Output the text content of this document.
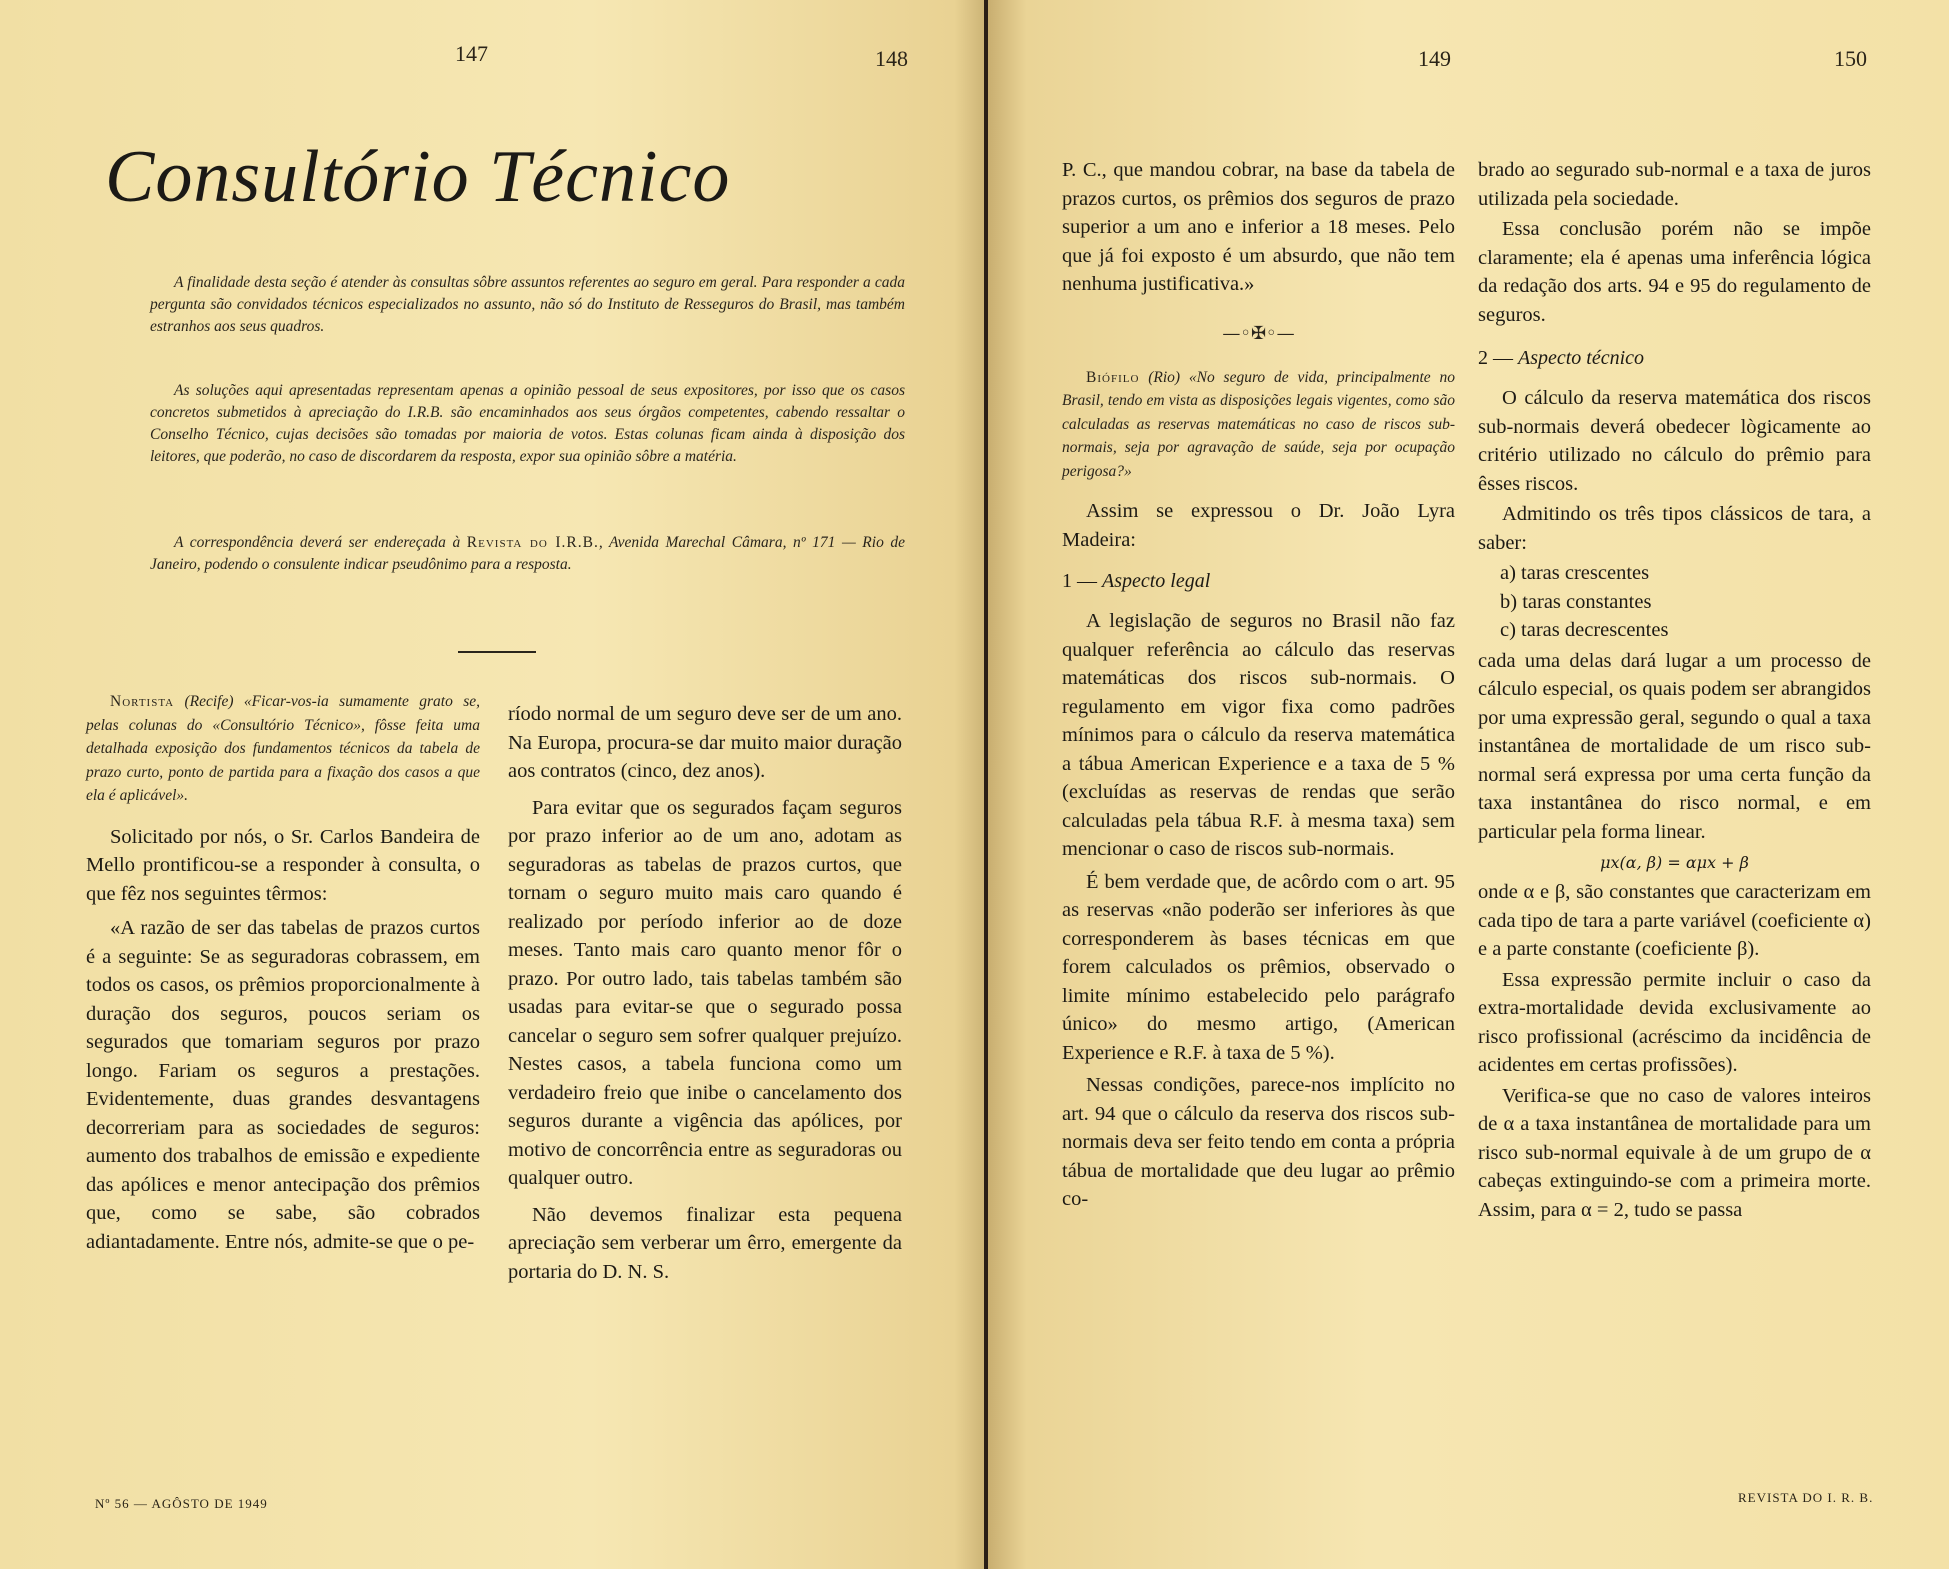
147	148
Consultório Técnico

A finalidade desta seção é atender às consultas sôbre assuntos referentes ao seguro em geral. Para responder a cada pergunta são convidados técnicos especializados no assunto, não só do Instituto de Resseguros do Brasil, mas também estranhos aos seus quadros.

As soluções aqui apresentadas representam apenas a opinião pessoal de seus expositores, por isso que os casos concretos submetidos à apreciação do I.R.B. são encaminhados aos seus órgãos competentes, cabendo ressaltar o Conselho Técnico, cujas decisões são tomadas por maioria de votos. Estas colunas ficam ainda à disposição dos leitores, que poderão, no caso de discordarem da resposta, expor sua opinião sôbre a matéria.

A correspondência deverá ser endereçada à Revista do I.R.B., Avenida Marechal Câmara, nº 171 — Rio de Janeiro, podendo o consulente indicar pseudônimo para a resposta.

Nortista (Recife) «Ficar-vos-ia sumamente grato se, pelas colunas do «Consultório Técnico», fôsse feita uma detalhada exposição dos fundamentos técnicos da tabela de prazo curto, ponto de partida para a fixação dos casos a que ela é aplicável».

Solicitado por nós, o Sr. Carlos Bandeira de Mello prontificou-se a responder à consulta, o que fêz nos seguintes têrmos:

«A razão de ser das tabelas de prazos curtos é a seguinte: Se as seguradoras cobrassem, em todos os casos, os prêmios proporcionalmente à duração dos seguros, poucos seriam os segurados que tomariam seguros por prazo longo. Fariam os seguros a prestações. Evidentemente, duas grandes desvantagens decorreriam para as sociedades de seguros: aumento dos trabalhos de emissão e expediente das apólices e menor antecipação dos prêmios que, como se sabe, são cobrados adiantadamente. Entre nós, admite-se que o pe-

ríodo normal de um seguro deve ser de um ano. Na Europa, procura-se dar muito maior duração aos contratos (cinco, dez anos).

Para evitar que os segurados façam seguros por prazo inferior ao de um ano, adotam as seguradoras as tabelas de prazos curtos, que tornam o seguro muito mais caro quando é realizado por período inferior ao de doze meses. Tanto mais caro quanto menor fôr o prazo. Por outro lado, tais tabelas também são usadas para evitar-se que o segurado possa cancelar o seguro sem sofrer qualquer prejuízo. Nestes casos, a tabela funciona como um verdadeiro freio que inibe o cancelamento dos seguros durante a vigência das apólices, por motivo de concorrência entre as seguradoras ou qualquer outro.

Não devemos finalizar esta pequena apreciação sem verberar um êrro, emergente da portaria do D. N. S.

Nº 56 — AGÔSTO DE 1949
149	150

P. C., que mandou cobrar, na base da tabela de prazos curtos, os prêmios dos seguros de prazo superior a um ano e inferior a 18 meses. Pelo que já foi exposto é um absurdo, que não tem nenhuma justificativa.»

—◦✠◦—

Biófilo (Rio) «No seguro de vida, principalmente no Brasil, tendo em vista as disposições legais vigentes, como são calculadas as reservas matemáticas no caso de riscos sub-normais, seja por agravação de saúde, seja por ocupação perigosa?»

Assim se expressou o Dr. João Lyra Madeira:

1 — Aspecto legal

A legislação de seguros no Brasil não faz qualquer referência ao cálculo das reservas matemáticas dos riscos sub-normais. O regulamento em vigor fixa como padrões mínimos para o cálculo da reserva matemática a tábua American Experience e a taxa de 5 % (excluídas as reservas de rendas que serão calculadas pela tábua R.F. à mesma taxa) sem mencionar o caso de riscos sub-normais.

É bem verdade que, de acôrdo com o art. 95 as reservas «não poderão ser inferiores às que corresponderem às bases técnicas em que forem calculados os prêmios, observado o limite mínimo estabelecido pelo parágrafo único» do mesmo artigo, (American Experience e R.F. à taxa de 5 %).

Nessas condições, parece-nos implícito no art. 94 que o cálculo da reserva dos riscos sub-normais deva ser feito tendo em conta a própria tábua de mortalidade que deu lugar ao prêmio co-

brado ao segurado sub-normal e a taxa de juros utilizada pela sociedade.

Essa conclusão porém não se impõe claramente; ela é apenas uma inferência lógica da redação dos arts. 94 e 95 do regulamento de seguros.

2 — Aspecto técnico

O cálculo da reserva matemática dos riscos sub-normais deverá obedecer lògicamente ao critério utilizado no cálculo do prêmio para êsses riscos.

Admitindo os três tipos clássicos de tara, a saber:

a) taras crescentes

b) taras constantes

c) taras decrescentes

cada uma delas dará lugar a um processo de cálculo especial, os quais podem ser abrangidos por uma expressão geral, segundo o qual a taxa instantânea de mortalidade de um risco sub-normal será expressa por uma certa função da taxa instantânea do risco normal, e em particular pela forma linear.

μx(α, β) = αμx + β

onde α e β, são constantes que caracterizam em cada tipo de tara a parte variável (coeficiente α) e a parte constante (coeficiente β).

Essa expressão permite incluir o caso da extra-mortalidade devida exclusivamente ao risco profissional (acréscimo da incidência de acidentes em certas profissões).

Verifica-se que no caso de valores inteiros de α a taxa instantânea de mortalidade para um risco sub-normal equivale à de um grupo de α cabeças extinguindo-se com a primeira morte. Assim, para α = 2, tudo se passa

REVISTA DO I. R. B.
